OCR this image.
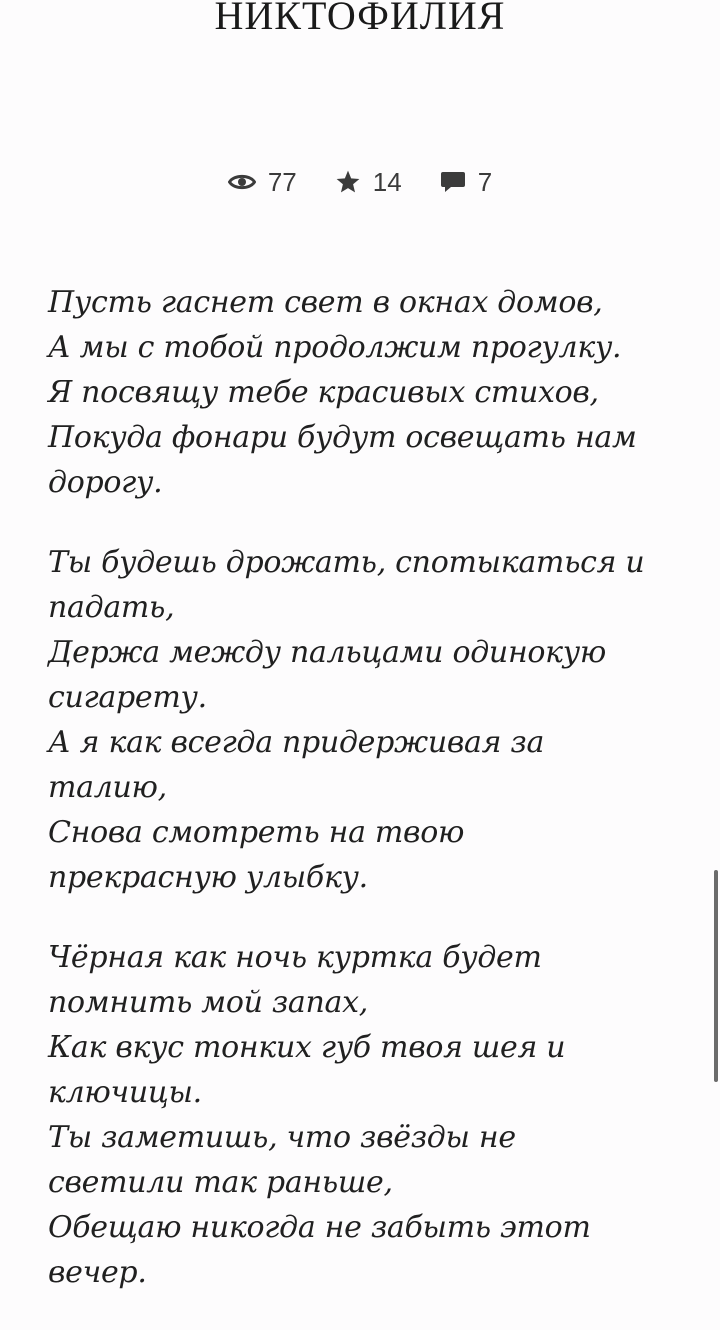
НИКТОФИЛИЯ
77	14	7
Пусть гаснет свет в окнах домов,
А мы с тобой продолжим прогулку.
Я посвящу тебе красивых стихов,
Покуда фонари будут освещать нам
дорогу.
Ты будешь дрожать, спотыкаться и
падать,
Держа между пальцами одинокую
сигарету.
А я как всегда придерживая за
талию,
Снова смотреть на твою
прекрасную улыбку.
Чёрная как ночь куртка будет
помнить мой запах,
Как вкус тонких губ твоя шея и
ключицы.
Ты заметишь, что звёзды не
светили так раньше,
Обещаю никогда не забыть этот
вечер.
